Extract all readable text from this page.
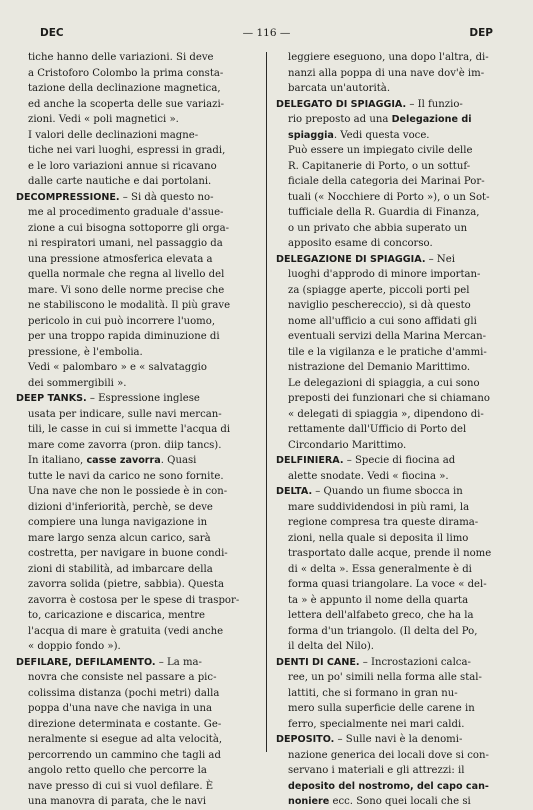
DEC	— 116 —	DEP
tiche hanno delle variazioni. Si deve
a Cristoforo Colombo la prima consta-
tazione della declinazione magnetica,
ed anche la scoperta delle sue variazi-
zioni. Vedi « poli magnetici ».
I valori delle declinazioni magne-
tiche nei vari luoghi, espressi in gradi,
e le loro variazioni annue si ricavano
dalle carte nautiche e dai portolani.
DECOMPRESSIONE. – Si dà questo no-
me al procedimento graduale d'assue-
zione a cui bisogna sottoporre gli orga-
ni respiratori umani, nel passaggio da
una pressione atmosferica elevata a
quella normale che regna al livello del
mare. Vi sono delle norme precise che
ne stabiliscono le modalità. Il più grave
pericolo in cui può incorrere l'uomo,
per una troppo rapida diminuzione di
pressione, è l'embolia.
Vedi « palombaro » e « salvataggio
dei sommergibili ».
DEEP TANKS. – Espressione inglese
usata per indicare, sulle navi mercan-
tili, le casse in cui si immette l'acqua di
mare come zavorra (pron. diip tancs).
In italiano, casse zavorra. Quasi
tutte le navi da carico ne sono fornite.
Una nave che non le possiede è in con-
dizioni d'inferiorità, perchè, se deve
compiere una lunga navigazione in
mare largo senza alcun carico, sarà
costretta, per navigare in buone condi-
zioni di stabilità, ad imbarcare della
zavorra solida (pietre, sabbia). Questa
zavorra è costosa per le spese di traspor-
to, caricazione e discarica, mentre
l'acqua di mare è gratuita (vedi anche
« doppio fondo »).
DEFILARE, DEFILAMENTO. – La ma-
novra che consiste nel passare a pic-
colissima distanza (pochi metri) dalla
poppa d'una nave che naviga in una
direzione determinata e costante. Ge-
neralmente si esegue ad alta velocità,
percorrendo un cammino che tagli ad
angolo retto quello che percorre la
nave presso di cui si vuol defilare. È
una manovra di parata, che le navi
leggiere eseguono, una dopo l'altra, di-
nanzi alla poppa di una nave dov'è im-
barcata un'autorità.
DELEGATO DI SPIAGGIA. – Il funzio-
rio preposto ad una Delegazione di
spiaggia. Vedi questa voce.
Può essere un impiegato civile delle
R. Capitanerie di Porto, o un sottuf-
ficiale della categoria dei Marinai Por-
tuali (« Nocchiere di Porto »), o un Sot-
tufficiale della R. Guardia di Finanza,
o un privato che abbia superato un
apposito esame di concorso.
DELEGAZIONE DI SPIAGGIA. – Nei
luoghi d'approdo di minore importan-
za (spiagge aperte, piccoli porti pel
naviglio peschereccio), si dà questo
nome all'ufficio a cui sono affidati gli
eventuali servizi della Marina Mercan-
tile e la vigilanza e le pratiche d'ammi-
nistrazione del Demanio Marittimo.
Le delegazioni di spiaggia, a cui sono
preposti dei funzionari che si chiamano
« delegati di spiaggia », dipendono di-
rettamente dall'Ufficio di Porto del
Circondario Marittimo.
DELFINIERA. – Specie di fiocina ad
alette snodate. Vedi « fiocina ».
DELTA. – Quando un fiume sbocca in
mare suddividendosi in più rami, la
regione compresa tra queste dirama-
zioni, nella quale si deposita il limo
trasportato dalle acque, prende il nome
di « delta ». Essa generalmente è di
forma quasi triangolare. La voce « del-
ta » è appunto il nome della quarta
lettera dell'alfabeto greco, che ha la
forma d'un triangolo. (Il delta del Po,
il delta del Nilo).
DENTI DI CANE. – Incrostazioni calca-
ree, un po' simili nella forma alle stal-
lattiti, che si formano in gran nu-
mero sulla superficie delle carene in
ferro, specialmente nei mari caldi.
DEPOSITO. – Sulle navi è la denomi-
nazione generica dei locali dove si con-
servano i materiali e gli attrezzi: il
deposito del nostromo, del capo can-
noniere ecc. Sono quei locali che si
